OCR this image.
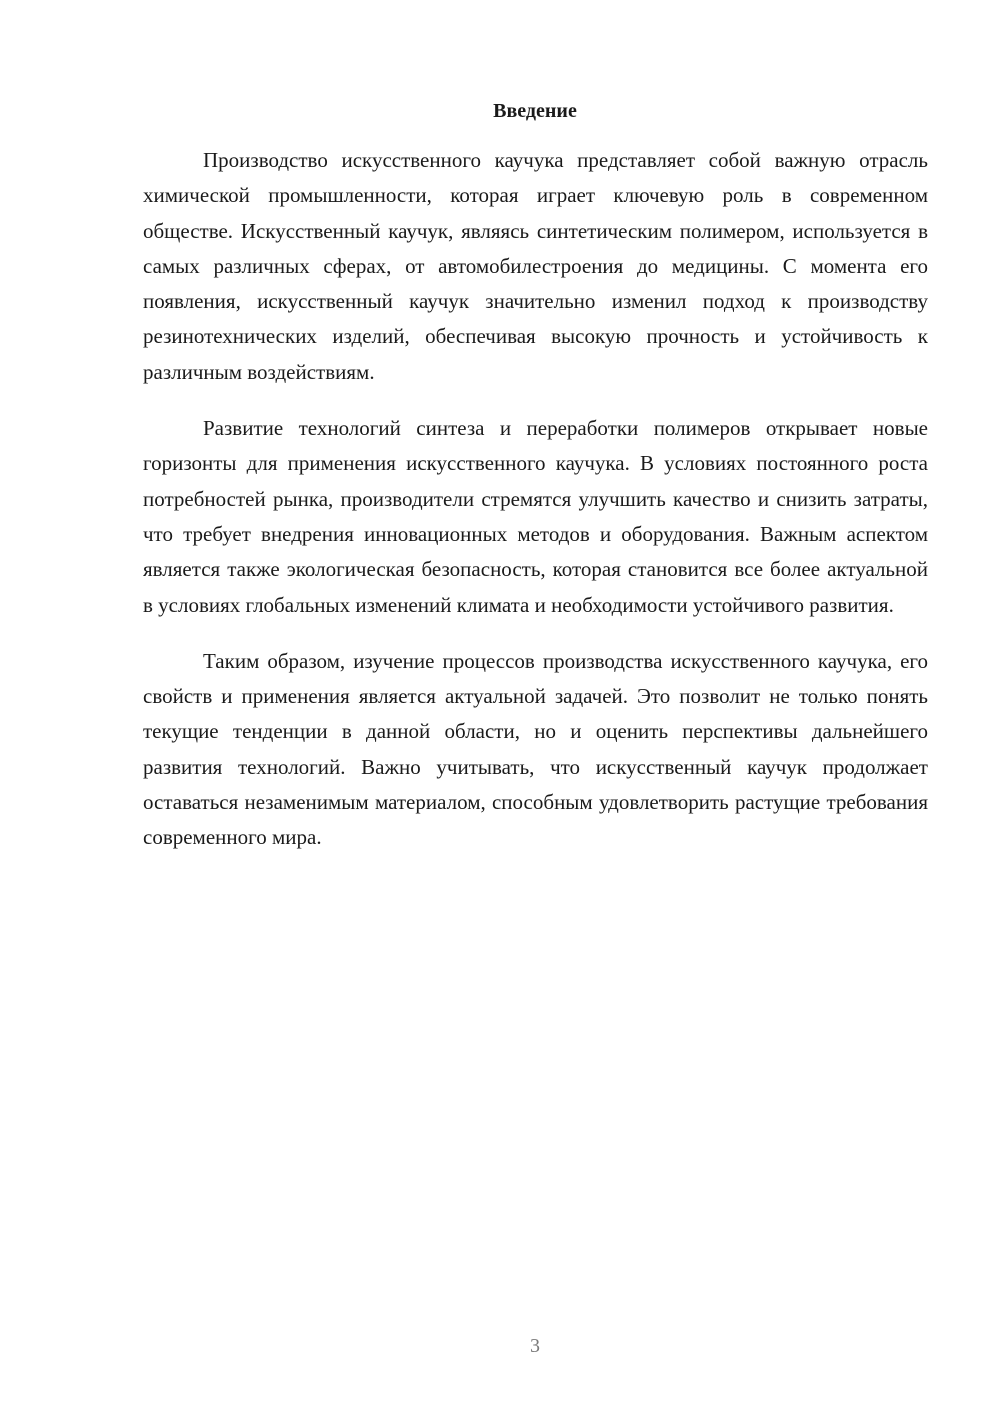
Введение

Производство искусственного каучука представляет собой важную отрасль химической промышленности, которая играет ключевую роль в современном обществе. Искусственный каучук, являясь синтетическим полимером, используется в самых различных сферах, от автомобилестроения до медицины. С момента его появления, искусственный каучук значительно изменил подход к производству резинотехнических изделий, обеспечивая высокую прочность и устойчивость к различным воздействиям.

Развитие технологий синтеза и переработки полимеров открывает новые горизонты для применения искусственного каучука. В условиях постоянного роста потребностей рынка, производители стремятся улучшить качество и снизить затраты, что требует внедрения инновационных методов и оборудования. Важным аспектом является также экологическая безопасность, которая становится все более актуальной в условиях глобальных изменений климата и необходимости устойчивого развития.

Таким образом, изучение процессов производства искусственного каучука, его свойств и применения является актуальной задачей. Это позволит не только понять текущие тенденции в данной области, но и оценить перспективы дальнейшего развития технологий. Важно учитывать, что искусственный каучук продолжает оставаться незаменимым материалом, способным удовлетворить растущие требования современного мира.

3
